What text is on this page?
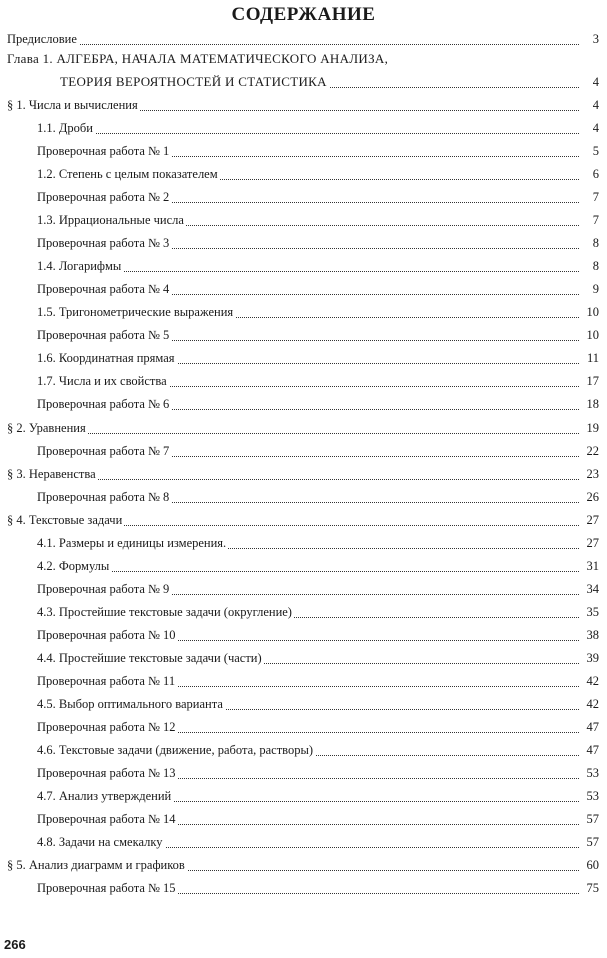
СОДЕРЖАНИЕ
Предисловие	3
Глава 1. АЛГЕБРА, НАЧАЛА МАТЕМАТИЧЕСКОГО АНАЛИЗА,
ТЕОРИЯ ВЕРОЯТНОСТЕЙ И СТАТИСТИКА	4
§ 1. Числа и вычисления	4
1.1. Дроби	4
Проверочная работа № 1	5
1.2. Степень с целым показателем	6
Проверочная работа № 2	7
1.3. Иррациональные числа	7
Проверочная работа № 3	8
1.4. Логарифмы	8
Проверочная работа № 4	9
1.5. Тригонометрические выражения	10
Проверочная работа № 5	10
1.6. Координатная прямая	11
1.7. Числа и их свойства	17
Проверочная работа № 6	18
§ 2. Уравнения	19
Проверочная работа № 7	22
§ 3. Неравенства	23
Проверочная работа № 8	26
§ 4. Текстовые задачи	27
4.1. Размеры и единицы измерения.	27
4.2. Формулы	31
Проверочная работа № 9	34
4.3. Простейшие текстовые задачи (округление)	35
Проверочная работа № 10	38
4.4. Простейшие текстовые задачи (части)	39
Проверочная работа № 11	42
4.5. Выбор оптимального варианта	42
Проверочная работа № 12	47
4.6. Текстовые задачи (движение, работа, растворы)	47
Проверочная работа № 13	53
4.7. Анализ утверждений	53
Проверочная работа № 14	57
4.8. Задачи на смекалку	57
§ 5. Анализ диаграмм и графиков	60
Проверочная работа № 15	75
266
